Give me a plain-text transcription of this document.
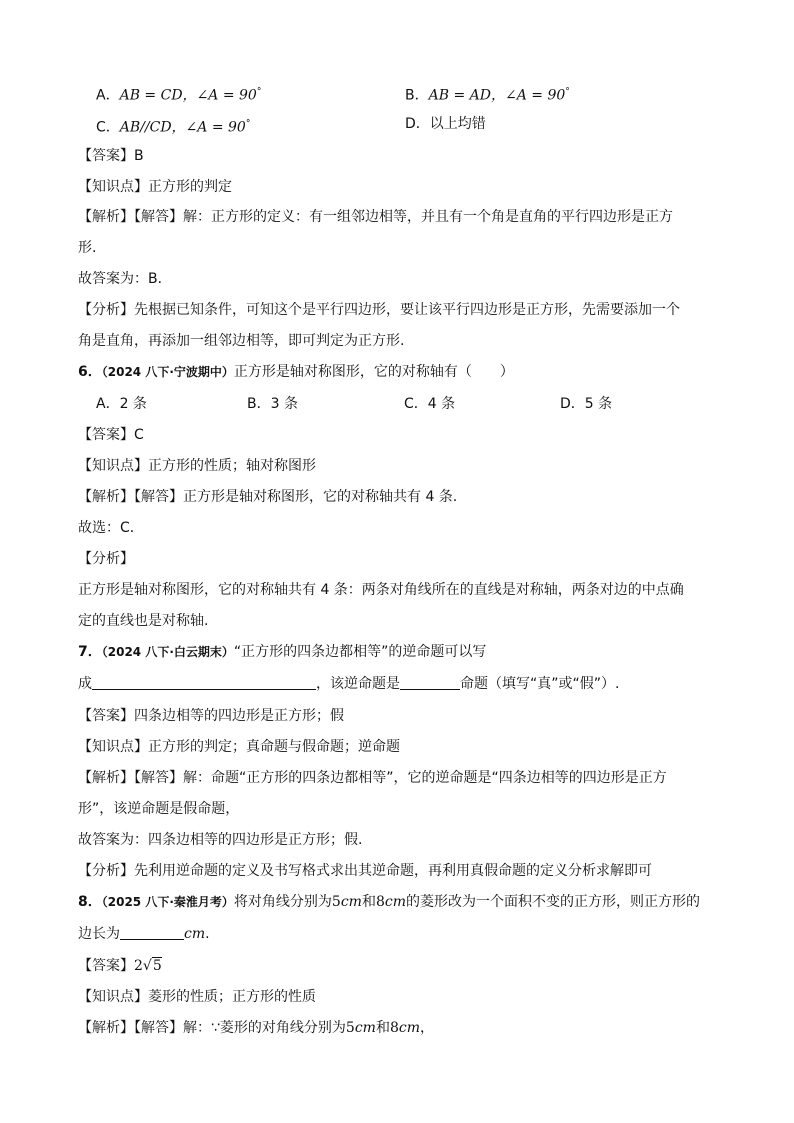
A．AB = CD，∠A = 90°	B．AB = AD，∠A = 90°
C．AB//CD，∠A = 90°	D．以上均错
【答案】B
【知识点】正方形的判定
【解析】【解答】解：正方形的定义：有一组邻边相等，并且有一个角是直角的平行四边形是正方
形.
故答案为：B．
【分析】先根据已知条件，可知这个是平行四边形，要让该平行四边形是正方形，先需要添加一个
角是直角，再添加一组邻边相等，即可判定为正方形.
6．（2024 八下·宁波期中）正方形是轴对称图形，它的对称轴有（　　）
A．2 条	B．3 条	C．4 条	D．5 条
【答案】C
【知识点】正方形的性质；轴对称图形
【解析】【解答】正方形是轴对称图形，它的对称轴共有 4 条.
故选：C．
【分析】
正方形是轴对称图形，它的对称轴共有 4 条：两条对角线所在的直线是对称轴，两条对边的中点确
定的直线也是对称轴.
7．（2024 八下·白云期末）“正方形的四条边都相等”的逆命题可以写
成	，该逆命题是	命题（填写“真”或“假”）.
【答案】四条边相等的四边形是正方形；假
【知识点】正方形的判定；真命题与假命题；逆命题
【解析】【解答】解：命题“正方形的四条边都相等”，它的逆命题是“四条边相等的四边形是正方
形”，该逆命题是假命题，
故答案为：四条边相等的四边形是正方形；假.
【分析】先利用逆命题的定义及书写格式求出其逆命题，再利用真假命题的定义分析求解即可
8．（2025 八下·秦淮月考）将对角线分别为5cm和8cm的菱形改为一个面积不变的正方形，则正方形的
边长为	cm.
【答案】2√5
【知识点】菱形的性质；正方形的性质
【解析】【解答】解：∵菱形的对角线分别为5cm和8cm，
